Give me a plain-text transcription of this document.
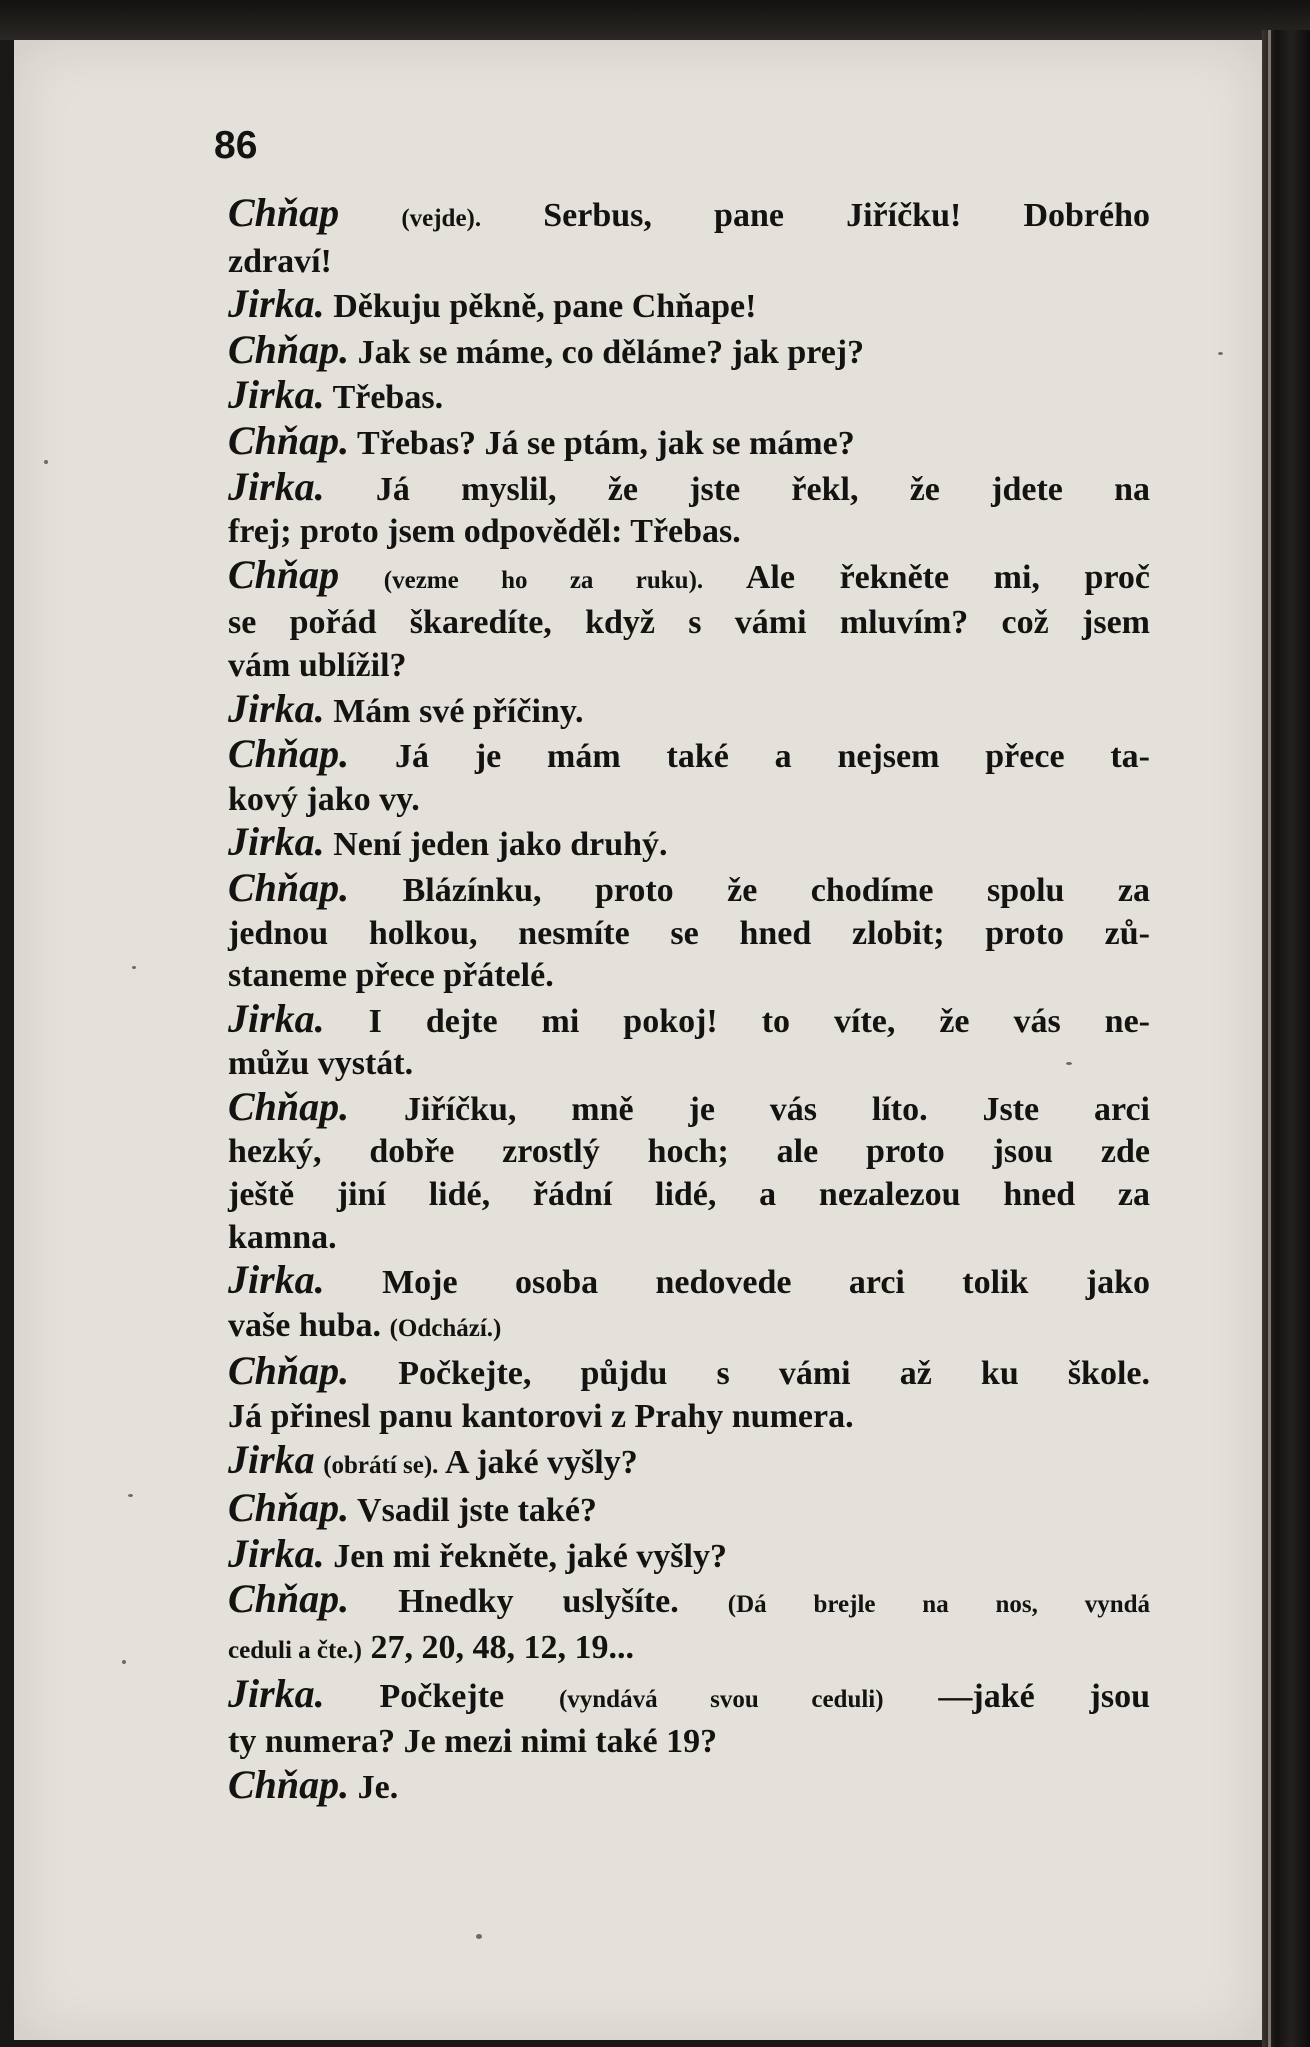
86
Chňap (vejde). Serbus, pane Jiříčku! Dobrého
zdraví!
Jirka. Děkuju pěkně, pane Chňape!
Chňap. Jak se máme, co děláme? jak prej?
Jirka. Třebas.
Chňap. Třebas? Já se ptám, jak se máme?
Jirka. Já myslil, že jste řekl, že jdete na
frej; proto jsem odpověděl: Třebas.
Chňap (vezme ho za ruku). Ale řekněte mi, proč
se pořád škaredíte, když s vámi mluvím? což jsem
vám ublížil?
Jirka. Mám své příčiny.
Chňap. Já je mám také a nejsem přece ta-
kový jako vy.
Jirka. Není jeden jako druhý.
Chňap. Blázínku, proto že chodíme spolu za
jednou holkou, nesmíte se hned zlobit; proto zů-
staneme přece přátelé.
Jirka. I dejte mi pokoj! to víte, že vás ne-
můžu vystát.
Chňap. Jiříčku, mně je vás líto. Jste arci
hezký, dobře zrostlý hoch; ale proto jsou zde
ještě jiní lidé, řádní lidé, a nezalezou hned za
kamna.
Jirka. Moje osoba nedovede arci tolik jako
vaše huba. (Odchází.)
Chňap. Počkejte, půjdu s vámi až ku škole.
Já přinesl panu kantorovi z Prahy numera.
Jirka (obrátí se). A jaké vyšly?
Chňap. Vsadil jste také?
Jirka. Jen mi řekněte, jaké vyšly?
Chňap. Hnedky uslyšíte. (Dá brejle na nos, vyndá
ceduli a čte.) 27, 20, 48, 12, 19...
Jirka. Počkejte (vyndává svou ceduli) —jaké jsou
ty numera? Je mezi nimi také 19?
Chňap. Je.
